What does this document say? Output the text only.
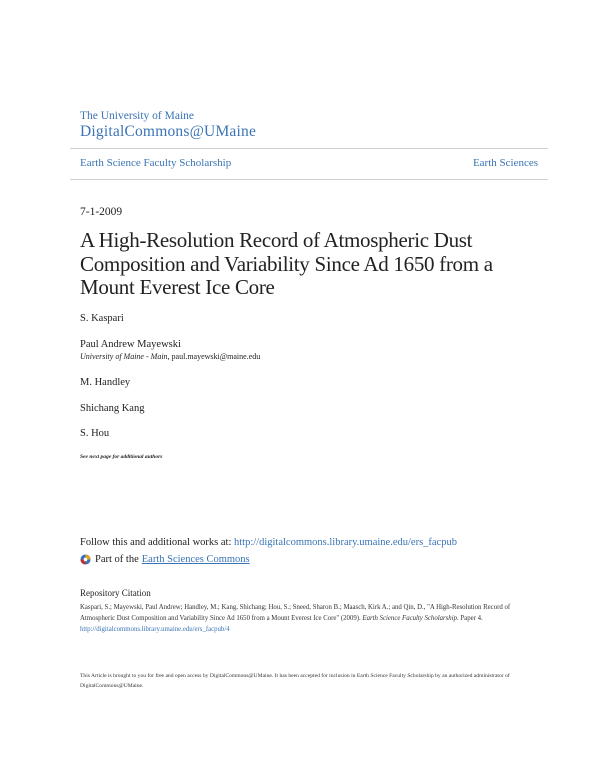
The University of Maine
DigitalCommons@UMaine
Earth Science Faculty Scholarship	Earth Sciences
7-1-2009
A High-Resolution Record of Atmospheric Dust Composition and Variability Since Ad 1650 from a Mount Everest Ice Core
S. Kaspari
Paul Andrew Mayewski
University of Maine - Main, paul.mayewski@maine.edu
M. Handley
Shichang Kang
S. Hou
See next page for additional authors
Follow this and additional works at: http://digitalcommons.library.umaine.edu/ers_facpub
Part of the Earth Sciences Commons
Repository Citation
Kaspari, S.; Mayewski, Paul Andrew; Handley, M.; Kang, Shichang; Hou, S.; Sneed, Sharon B.; Maasch, Kirk A.; and Qin, D., "A High-Resolution Record of Atmospheric Dust Composition and Variability Since Ad 1650 from a Mount Everest Ice Core" (2009). Earth Science Faculty Scholarship. Paper 4.
http://digitalcommons.library.umaine.edu/ers_facpub/4
This Article is brought to you for free and open access by DigitalCommons@UMaine. It has been accepted for inclusion in Earth Science Faculty Scholarship by an authorized administrator of DigitalCommons@UMaine.
